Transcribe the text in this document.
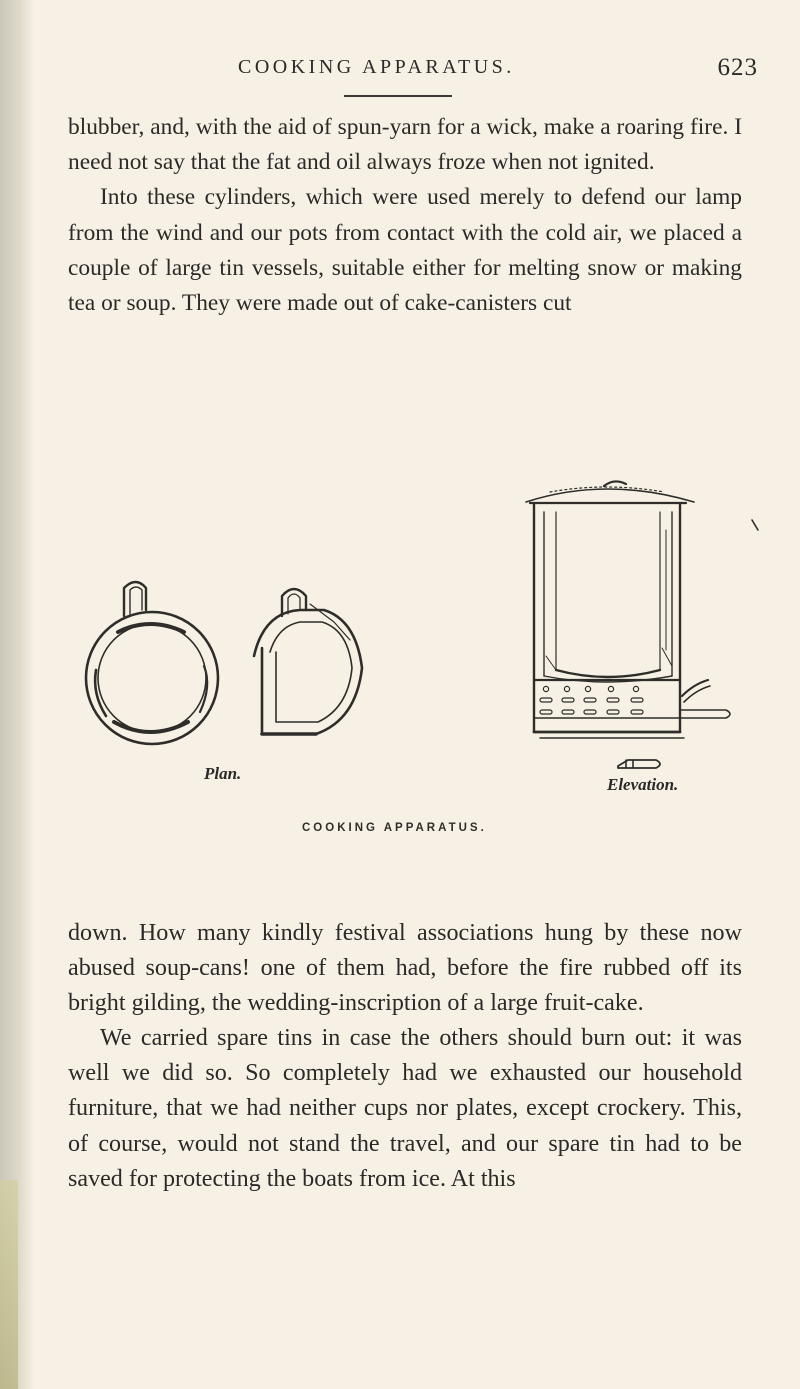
COOKING APPARATUS.	623

blubber, and, with the aid of spun-yarn for a wick, make a roaring fire. I need not say that the fat and oil always froze when not ignited.

Into these cylinders, which were used merely to defend our lamp from the wind and our pots from contact with the cold air, we placed a couple of large tin vessels, suitable either for melting snow or making tea or soup. They were made out of cake-canisters cut

Plan.
Elevation.
COOKING APPARATUS.

down. How many kindly festival associations hung by these now abused soup-cans! one of them had, before the fire rubbed off its bright gilding, the wedding-inscription of a large fruit-cake.

We carried spare tins in case the others should burn out: it was well we did so. So completely had we exhausted our household furniture, that we had neither cups nor plates, except crockery. This, of course, would not stand the travel, and our spare tin had to be saved for protecting the boats from ice. At this
